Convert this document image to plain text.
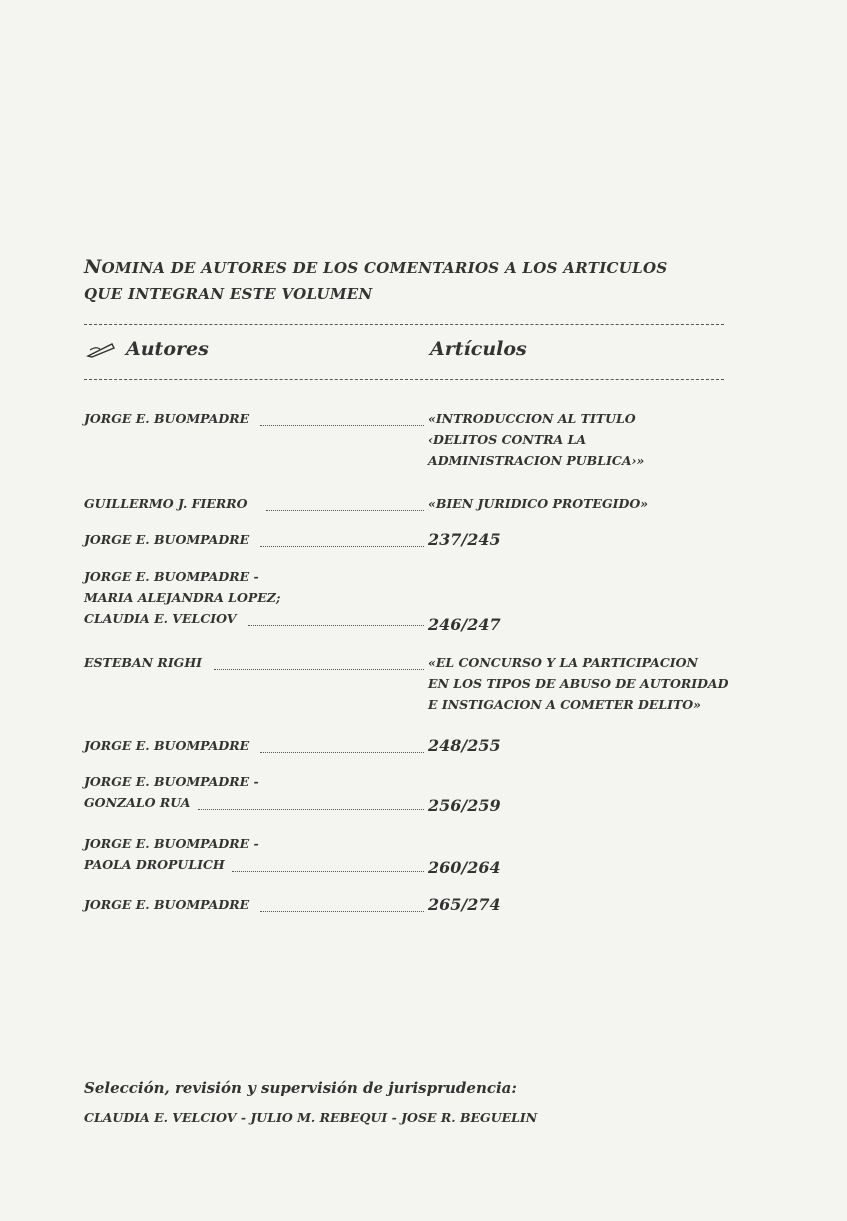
NOMINA DE AUTORES DE LOS COMENTARIOS A LOS ARTICULOS
QUE INTEGRAN ESTE VOLUMEN
Autores	Artículos
JORGE E. BUOMPADRE	«INTRODUCCION AL TITULO
‹DELITOS CONTRA LA
ADMINISTRACION PUBLICA›»
GUILLERMO J. FIERRO	«BIEN JURIDICO PROTEGIDO»
JORGE E. BUOMPADRE	237/245
JORGE E. BUOMPADRE -
MARIA ALEJANDRA LOPEZ;
CLAUDIA E. VELCIOV	246/247
ESTEBAN RIGHI	«EL CONCURSO Y LA PARTICIPACION
EN LOS TIPOS DE ABUSO DE AUTORIDAD
E INSTIGACION A COMETER DELITO»
JORGE E. BUOMPADRE	248/255
JORGE E. BUOMPADRE -
GONZALO RUA	256/259
JORGE E. BUOMPADRE -
PAOLA DROPULICH	260/264
JORGE E. BUOMPADRE	265/274
Selección, revisión y supervisión de jurisprudencia:
CLAUDIA E. VELCIOV - JULIO M. REBEQUI - JOSE R. BEGUELIN
